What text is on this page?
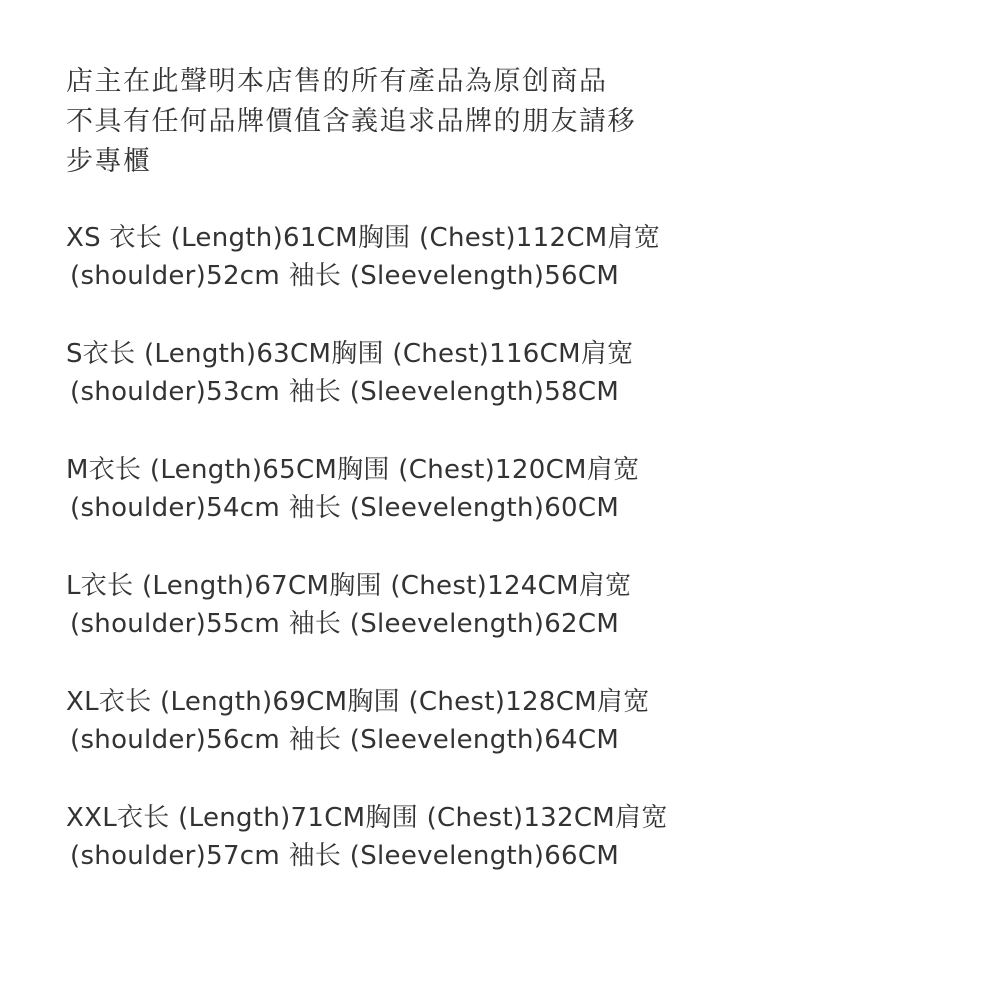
店主在此聲明本店售的所有產品為原创商品
不具有任何品牌價值含義追求品牌的朋友請移
步專櫃

XS 衣长 (Length)61CM胸围 (Chest)112CM肩宽
(shoulder)52cm 袖长 (Sleevelength)56CM
S衣长 (Length)63CM胸围 (Chest)116CM肩宽
(shoulder)53cm 袖长 (Sleevelength)58CM
M衣长 (Length)65CM胸围 (Chest)120CM肩宽
(shoulder)54cm 袖长 (Sleevelength)60CM
L衣长 (Length)67CM胸围 (Chest)124CM肩宽
(shoulder)55cm 袖长 (Sleevelength)62CM
XL衣长 (Length)69CM胸围 (Chest)128CM肩宽
(shoulder)56cm 袖长 (Sleevelength)64CM
XXL衣长 (Length)71CM胸围 (Chest)132CM肩宽
(shoulder)57cm 袖长 (Sleevelength)66CM
